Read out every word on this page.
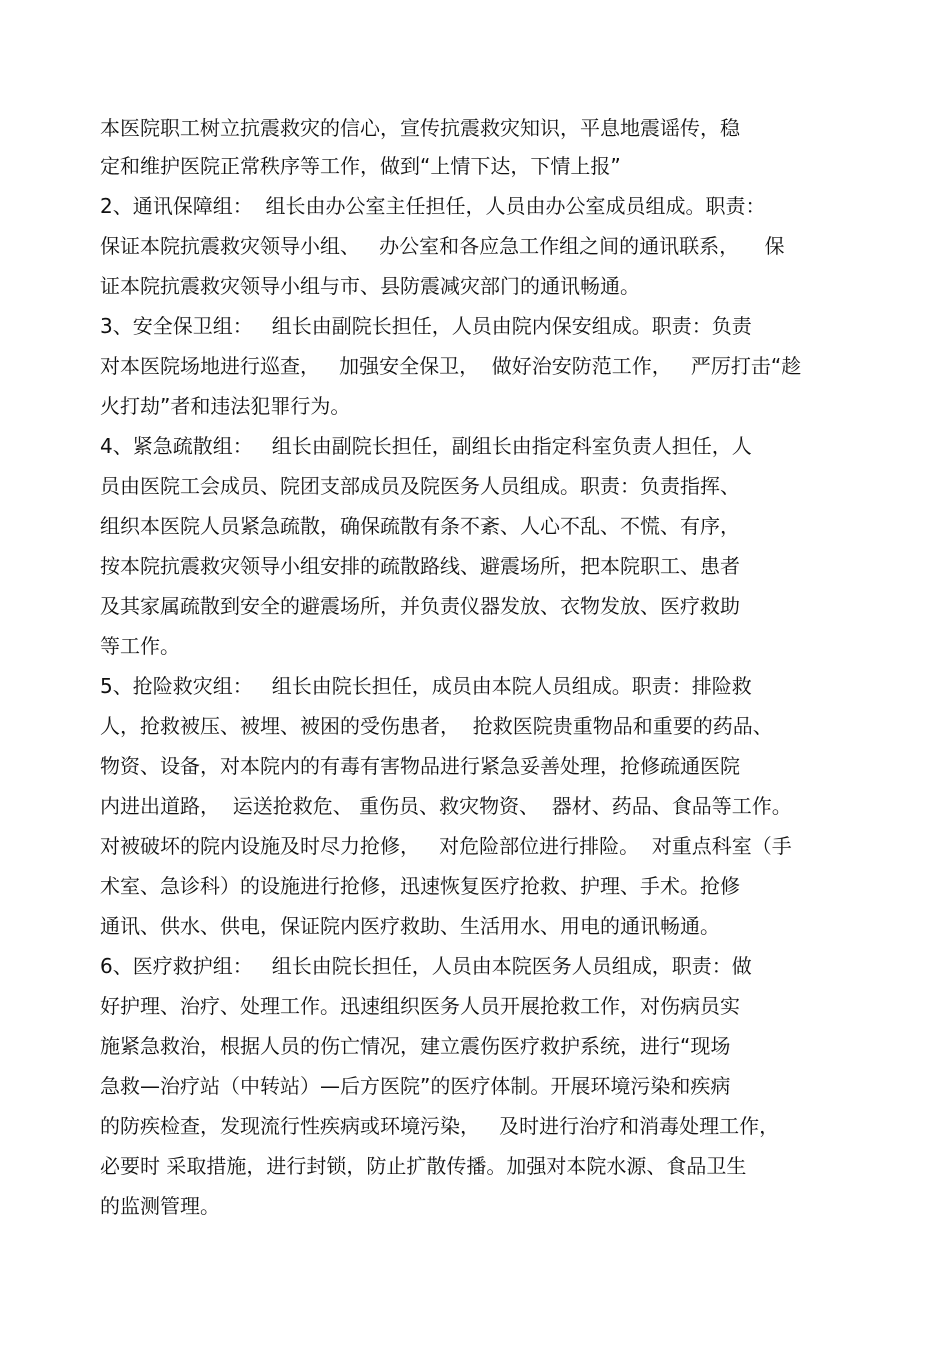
本医院职工树立抗震救灾的信心，宣传抗震救灾知识，平息地震谣传，稳

定和维护医院正常秩序等工作，做到“上情下达，下情上报”

2、通讯保障组：  组长由办公室主任担任，人员由办公室成员组成。职责：

保证本院抗震救灾领导小组、   办公室和各应急工作组之间的通讯联系，    保

证本院抗震救灾领导小组与市、县防震减灾部门的通讯畅通。

3、安全保卫组：   组长由副院长担任，人员由院内保安组成。职责：负责

对本医院场地进行巡查，   加强安全保卫，  做好治安防范工作，   严厉打击“趁

火打劫”者和违法犯罪行为。

4、紧急疏散组：   组长由副院长担任，副组长由指定科室负责人担任，人

员由医院工会成员、院团支部成员及院医务人员组成。职责：负责指挥、

组织本医院人员紧急疏散，确保疏散有条不紊、人心不乱、不慌、有序，

按本院抗震救灾领导小组安排的疏散路线、避震场所，把本院职工、患者

及其家属疏散到安全的避震场所，并负责仪器发放、衣物发放、医疗救助

等工作。

5、抢险救灾组：   组长由院长担任，成员由本院人员组成。职责：排险救

人，抢救被压、被埋、被困的受伤患者，  抢救医院贵重物品和重要的药品、

物资、设备，对本院内的有毒有害物品进行紧急妥善处理，抢修疏通医院

内进出道路，  运送抢救危、 重伤员、救灾物资、  器材、药品、食品等工作。

对被破坏的院内设施及时尽力抢修，   对危险部位进行排险。  对重点科室（手

术室、急诊科）的设施进行抢修，迅速恢复医疗抢救、护理、手术。抢修

通讯、供水、供电，保证院内医疗救助、生活用水、用电的通讯畅通。

6、医疗救护组：   组长由院长担任，人员由本院医务人员组成，职责：做

好护理、治疗、处理工作。迅速组织医务人员开展抢救工作，对伤病员实

施紧急救治，根据人员的伤亡情况，建立震伤医疗救护系统，进行“现场

急救—治疗站（中转站）—后方医院”的医疗体制。开展环境污染和疾病

的防疾检查，发现流行性疾病或环境污染，   及时进行治疗和消毒处理工作，

必要时 采取措施，进行封锁，防止扩散传播。加强对本院水源、食品卫生

的监测管理。
